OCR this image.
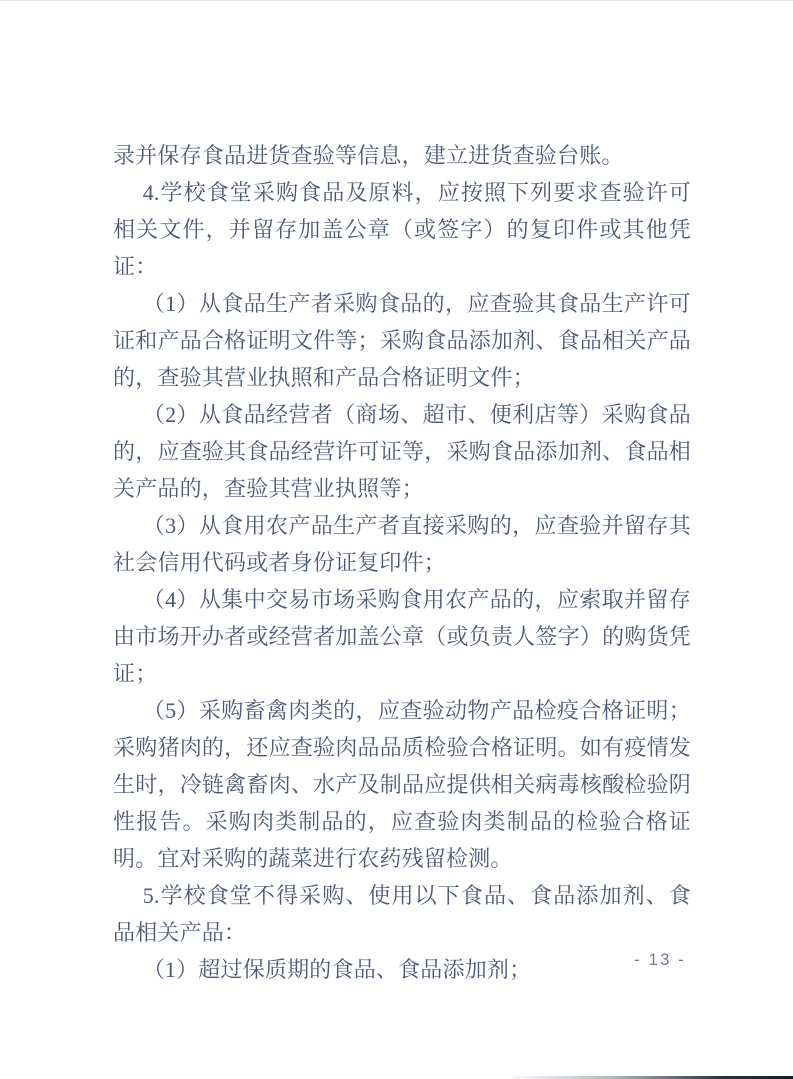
录并保存食品进货查验等信息，建立进货查验台账。

4.学校食堂采购食品及原料，应按照下列要求查验许可相关文件，并留存加盖公章（或签字）的复印件或其他凭证：

（1）从食品生产者采购食品的，应查验其食品生产许可证和产品合格证明文件等；采购食品添加剂、食品相关产品的，查验其营业执照和产品合格证明文件；

（2）从食品经营者（商场、超市、便利店等）采购食品的，应查验其食品经营许可证等，采购食品添加剂、食品相关产品的，查验其营业执照等；

（3）从食用农产品生产者直接采购的，应查验并留存其社会信用代码或者身份证复印件；

（4）从集中交易市场采购食用农产品的，应索取并留存由市场开办者或经营者加盖公章（或负责人签字）的购货凭证；

（5）采购畜禽肉类的，应查验动物产品检疫合格证明；采购猪肉的，还应查验肉品品质检验合格证明。如有疫情发生时，冷链禽畜肉、水产及制品应提供相关病毒核酸检验阴性报告。采购肉类制品的，应查验肉类制品的检验合格证明。宜对采购的蔬菜进行农药残留检测。

5.学校食堂不得采购、使用以下食品、食品添加剂、食品相关产品：

（1）超过保质期的食品、食品添加剂；	- 13 -
